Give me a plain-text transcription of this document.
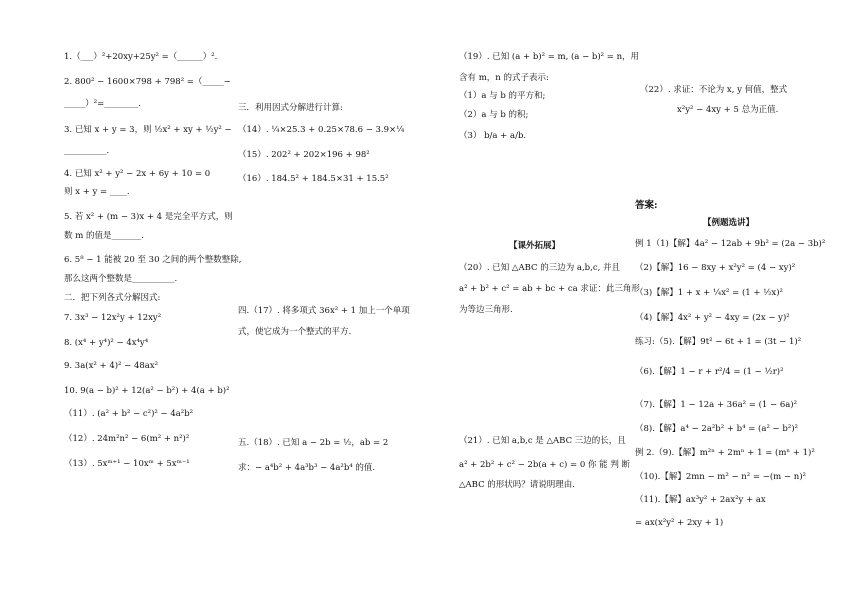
1.（___）²+20xy+25y² =（______）².
2. 800² − 1600×798 + 798² =（_____−
_____）²=________.
3. 已知 x + y = 3，则 ½x² + xy + ½y² −
__________.
4. 已知 x² + y² − 2x + 6y + 10 = 0
则 x + y = ____.
5. 若 x² + (m − 3)x + 4 是完全平方式，则
数 m 的值是_______.
6. 5⁸ − 1 能被 20 至 30 之间的两个整数整除,
那么这两个整数是__________.
二．把下列各式分解因式:
7. 3x³ − 12x²y + 12xy²
8. (x⁴ + y⁴)² − 4x⁴y⁴
9. 3a(x² + 4)² − 48ax²
10. 9(a − b)² + 12(a² − b²) + 4(a + b)²
（11）. (a² + b² − c²)² − 4a²b²
（12）. 24m²n² − 6(m² + n²)²
（13）. 5xᵐ⁺¹ − 10xᵐ + 5xᵐ⁻¹
三．利用因式分解进行计算:
（14）. ¼×25.3 + 0.25×78.6 − 3.9×¼
（15）. 202² + 202×196 + 98²
（16）. 184.5² + 184.5×31 + 15.5²
四.（17）. 将多项式 36x² + 1 加上一个单项
式，使它成为一个整式的平方.
五.（18）. 已知 a − 2b = ½，ab = 2
求：− a⁴b² + 4a³b³ − 4a²b⁴ 的值.
（19）. 已知 (a + b)² = m, (a − b)² = n，用
含有 m，n 的式子表示:
（1）a 与 b 的平方和;
（2）a 与 b 的积;
（3） b/a + a/b.
【课外拓展】
（20）. 已知 △ABC 的三边为 a,b,c, 并且
a² + b² + c² = ab + bc + ca 求证：此三角形
为等边三角形.
（21）. 已知 a,b,c 是 △ABC 三边的长，且
a² + 2b² + c² − 2b(a + c) = 0 你 能 判 断
△ABC 的形状吗？请说明理由.
（22）. 求证：不论为 x, y 何值，整式
x²y² − 4xy + 5 总为正值.
答案:
【例题选讲】
例 1（1)【解】4a² − 12ab + 9b² = (2a − 3b)²
（2)【解】16 − 8xy + x²y² = (4 − xy)²
（3)【解】1 + x + ¼x² = (1 + ½x)²
（4)【解】4x² + y² − 4xy = (2x − y)²
练习:（5).【解】9t² − 6t + 1 = (3t − 1)²
（6).【解】1 − r + r²/4 = (1 − ½r)²
（7).【解】1 − 12a + 36a² = (1 − 6a)²
（8).【解】a⁴ − 2a²b² + b⁴ = (a² − b²)²
例 2.（9).【解】m²ⁿ + 2mⁿ + 1 = (mⁿ + 1)²
（10).【解】2mn − m² − n² = −(m − n)²
（11).【解】ax³y² + 2ax²y + ax
= ax(x²y² + 2xy + 1)
